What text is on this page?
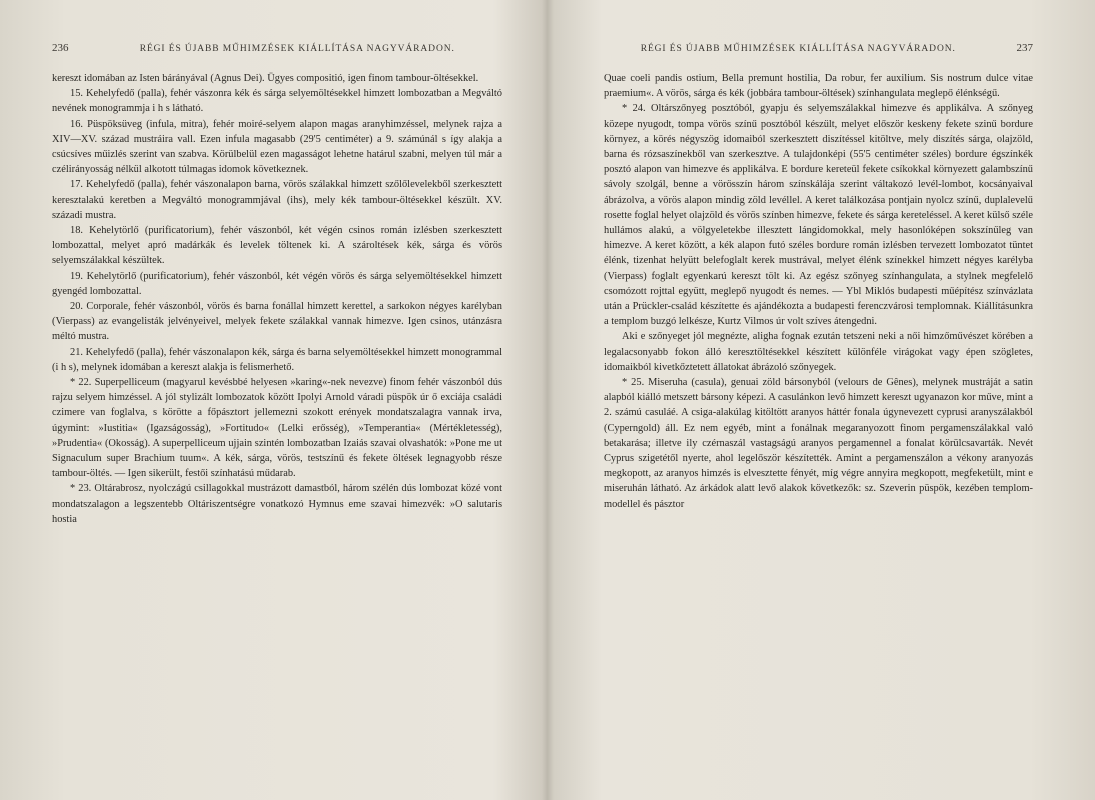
236	RÉGI ÉS ÚJABB MŰHIMZÉSEK KIÁLLÍTÁSA NAGYVÁRADON.

kereszt idomában az Isten bárányával (Agnus Dei). Ügyes compositió, igen finom tambour-öltésekkel.

15. Kehelyfedő (palla), fehér vászonra kék és sárga selyemöltésekkel himzett lombozatban a Megváltó nevének monogrammja i h s látható.

16. Püspöksüveg (infula, mitra), fehér moiré-selyem alapon magas aranyhimzéssel, melynek rajza a XIV—XV. század mustráira vall. Ezen infula magasabb (29'5 centiméter) a 9. számúnál s így alakja a csúcsíves műizlés szerint van szabva. Körülbelül ezen magasságot lehetne határul szabni, melyen túl már a czélirányosság nélkül alkotott túlmagas idomok következnek.

17. Kehelyfedő (palla), fehér vászonalapon barna, vörös szálakkal himzett szőlőlevelekből szerkesztett keresztalakú keretben a Megváltó monogrammjával (ihs), mely kék tambour-öltésekkel készült. XV. századi mustra.

18. Kehelytörlő (purificatorium), fehér vászonból, két végén csinos román izlésben szerkesztett lombozattal, melyet apró madárkák és levelek töltenek ki. A szároltések kék, sárga és vörös selyemszálakkal készültek.

19. Kehelytörlő (purificatorium), fehér vászonból, két végén vörös és sárga selyemöltésekkel himzett gyengéd lombozattal.

20. Corporale, fehér vászonból, vörös és barna fonállal himzett kerettel, a sarkokon négyes karélyban (Vierpass) az evangelisták jelvényeivel, melyek fekete szálakkal vannak himezve. Igen csinos, utánzásra méltó mustra.

21. Kehelyfedő (palla), fehér vászonalapon kék, sárga és barna selyemöltésekkel himzett monogrammal (i h s), melynek idomában a kereszt alakja is felismerhető.

* 22. Superpelliceum (magyarul kevésbbé helyesen »karing«-nek nevezve) finom fehér vászonból dús rajzu selyem himzéssel. A jól stylizált lombozatok között Ipolyi Arnold váradi püspök úr ő exciája családi czimere van foglalva, s körötte a főpásztort jellemezni szokott erények mondatszalagra vannak irva, úgymint: »Iustitia« (Igazságosság), »Fortitudo« (Lelki erősség), »Temperantia« (Mértékletesség), »Prudentia« (Okosság). A superpelliceum ujjain szintén lombozatban Izaiás szavai olvashatók: »Pone me ut Signaculum super Brachium tuum«. A kék, sárga, vörös, testszínű és fekete öltések legnagyobb része tambour-öltés. — Igen sikerült, festői színhatású műdarab.

* 23. Oltárabrosz, nyolczágú csillagokkal mustrázott damastból, három szélén dús lombozat közé vont mondatszalagon a legszentebb Oltáriszentségre vonatkozó Hymnus eme szavai himezvék: »O salutaris hostia

RÉGI ÉS ÚJABB MŰHIMZÉSEK KIÁLLÍTÁSA NAGYVÁRADON.	237

Quae coeli pandis ostium, Bella premunt hostilia, Da robur, fer auxilium. Sis nostrum dulce vitae praemium«. A vörös, sárga és kék (jobbára tambour-öltések) színhangulata meglepő élénkségű.

* 24. Oltárszőnyeg posztóból, gyapju és selyemszálakkal himezve és applikálva. A szőnyeg közepe nyugodt, tompa vörös színű posztóból készült, melyet először keskeny fekete szinű bordure környez, a körés négyszög idomaiból szerkesztett diszítéssel kitöltve, mely diszítés sárga, olajzöld, barna és rózsaszínekből van szerkesztve. A tulajdonképi (55'5 centiméter széles) bordure égszínkék posztó alapon van himezve és applikálva. E bordure kereteül fekete csíkokkal környezett galambszínű sávoly szolgál, benne a vörösszín három színskálája szerint váltakozó levél-lombot, kocsányaival ábrázolva, a vörös alapon mindig zöld levéllel. A keret találkozása pontjain nyolcz színű, duplalevelű rosette foglal helyet olajzöld és vörös színben himezve, fekete és sárga kereteléssel. A keret külső széle hullámos alakú, a völgyeletekbe illesztett lángidomokkal, mely hasonlóképen sokszínűleg van himezve. A keret között, a kék alapon futó széles bordure román izlésben tervezett lombozatot tüntet élénk, tizenhat helyütt belefoglalt kerek mustrával, melyet élénk színekkel himzett négyes karélyba (Vierpass) foglalt egyenkarú kereszt tölt ki. Az egész szőnyeg színhangulata, a stylnek megfelelő csomózott rojttal együtt, meglepő nyugodt és nemes. — Ybl Miklós budapesti műépítész színvázlata után a Prückler-család készítette és ajándékozta a budapesti ferenczvárosi templomnak. Kiállításunkra a templom buzgó lelkésze, Kurtz Vilmos úr volt szíves átengedni.

Aki e szőnyeget jól megnézte, aligha fognak ezután tetszeni neki a női himzőművészet körében a legalacsonyabb fokon álló keresztöltésekkel készített különféle virágokat vagy épen szögletes, idomaikból kivetkőztetett állatokat ábrázoló szőnyegek.

* 25. Miseruha (casula), genuai zöld bársonyból (velours de Gênes), melynek mustráját a satin alapból kiálló metszett bársony képezi. A casulánkon levő himzett kereszt ugyanazon kor műve, mint a 2. számú casuláé. A csiga-alakúlag kitöltött aranyos háttér fonala úgynevezett cyprusi aranyszálakból (Cyperngold) áll. Ez nem egyéb, mint a fonálnak megaranyozott finom pergamenszálakkal való betakarása; illetve ily czérnaszál vastagságú aranyos pergamennel a fonalat körülcsavarták. Nevét Cyprus szigetétől nyerte, ahol legelőször készítették. Amint a pergamenszálon a vékony aranyozás megkopott, az aranyos himzés is elvesztette fényét, míg végre annyira megkopott, megfeketült, mint e miseruhán látható. Az árkádok alatt levő alakok következők: sz. Szeverin püspök, kezében templom-modellel és pásztor
